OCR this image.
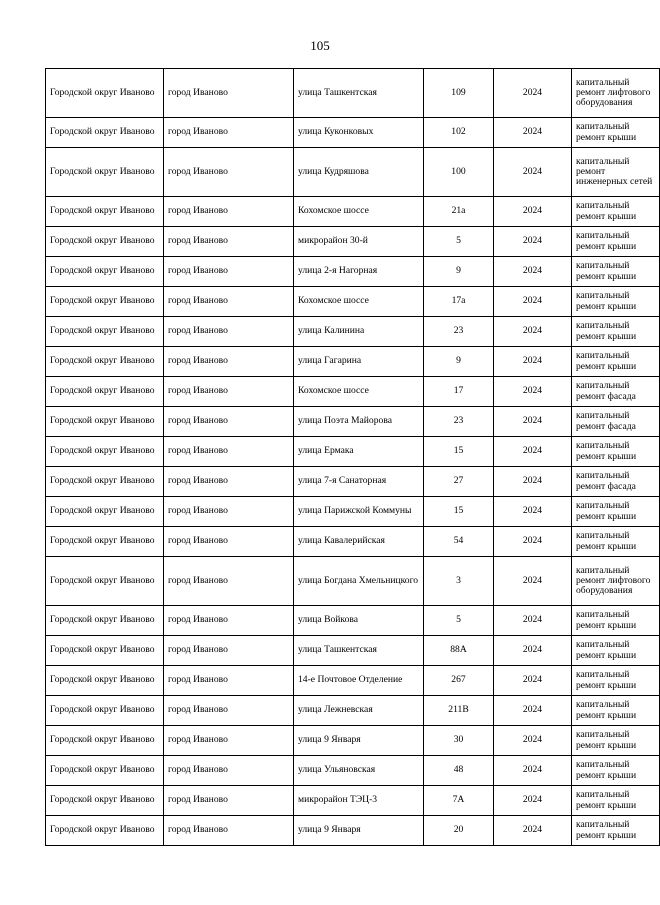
105
Городской округ Иваново	город Иваново	улица Ташкентская	109	2024	капитальный ремонт лифтового оборудования
Городской округ Иваново	город Иваново	улица Куконковых	102	2024	капитальный ремонт крыши
Городской округ Иваново	город Иваново	улица Кудряшова	100	2024	капитальный ремонт инженерных сетей
Городской округ Иваново	город Иваново	Кохомское шоссе	21а	2024	капитальный ремонт крыши
Городской округ Иваново	город Иваново	микрорайон 30-й	5	2024	капитальный ремонт крыши
Городской округ Иваново	город Иваново	улица 2-я Нагорная	9	2024	капитальный ремонт крыши
Городской округ Иваново	город Иваново	Кохомское шоссе	17а	2024	капитальный ремонт крыши
Городской округ Иваново	город Иваново	улица Калинина	23	2024	капитальный ремонт крыши
Городской округ Иваново	город Иваново	улица Гагарина	9	2024	капитальный ремонт крыши
Городской округ Иваново	город Иваново	Кохомское шоссе	17	2024	капитальный ремонт фасада
Городской округ Иваново	город Иваново	улица Поэта Майорова	23	2024	капитальный ремонт фасада
Городской округ Иваново	город Иваново	улица Ермака	15	2024	капитальный ремонт крыши
Городской округ Иваново	город Иваново	улица 7-я Санаторная	27	2024	капитальный ремонт фасада
Городской округ Иваново	город Иваново	улица Парижской Коммуны	15	2024	капитальный ремонт крыши
Городской округ Иваново	город Иваново	улица Кавалерийская	54	2024	капитальный ремонт крыши
Городской округ Иваново	город Иваново	улица Богдана Хмельницкого	3	2024	капитальный ремонт лифтового оборудования
Городской округ Иваново	город Иваново	улица Войкова	5	2024	капитальный ремонт крыши
Городской округ Иваново	город Иваново	улица Ташкентская	88А	2024	капитальный ремонт крыши
Городской округ Иваново	город Иваново	14-е Почтовое Отделение	267	2024	капитальный ремонт крыши
Городской округ Иваново	город Иваново	улица Лежневская	211В	2024	капитальный ремонт крыши
Городской округ Иваново	город Иваново	улица 9 Января	30	2024	капитальный ремонт крыши
Городской округ Иваново	город Иваново	улица Ульяновская	48	2024	капитальный ремонт крыши
Городской округ Иваново	город Иваново	микрорайон ТЭЦ-3	7А	2024	капитальный ремонт крыши
Городской округ Иваново	город Иваново	улица 9 Января	20	2024	капитальный ремонт крыши
